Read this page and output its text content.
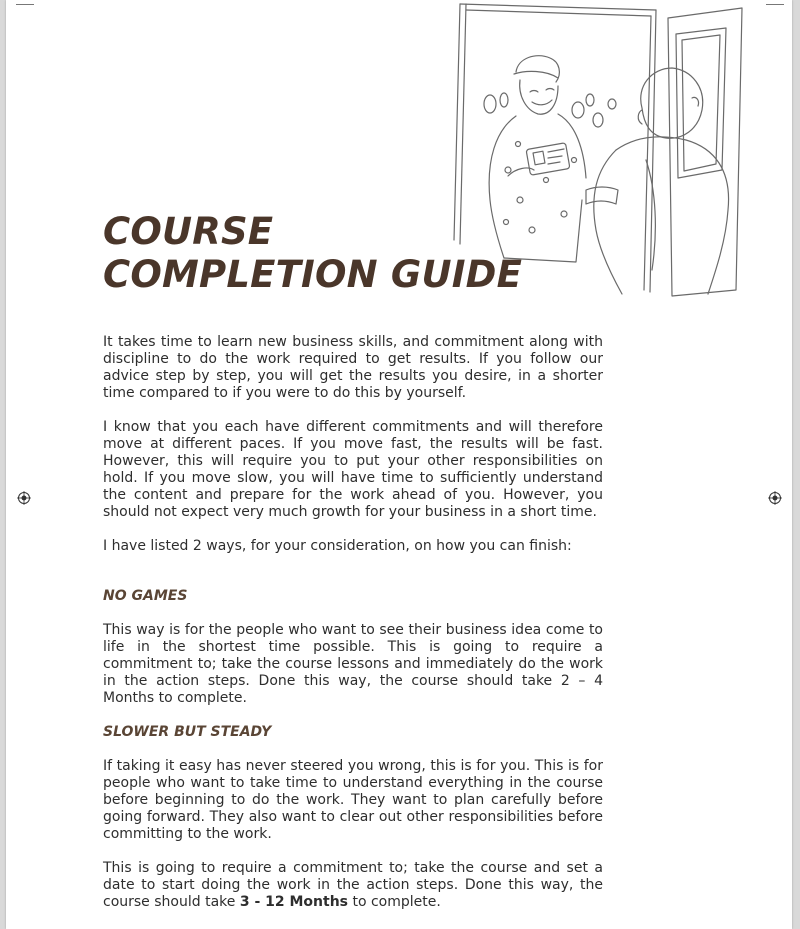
COURSE
COMPLETION GUIDE

It takes time to learn new business skills, and commitment along with discipline to do the work required to get results. If you follow our advice step by step, you will get the results you desire, in a shorter time compared to if you were to do this by yourself.

I know that you each have different commitments and will therefore move at different paces. If you move fast, the results will be fast. However, this will require you to put your other responsibilities on hold. If you move slow, you will have time to sufficiently understand the content and prepare for the work ahead of you. However, you should not expect very much growth for your business in a short time.

I have listed 2 ways, for your consideration, on how you can finish:

NO GAMES

This way is for the people who want to see their business idea come to life in the shortest time possible. This is going to require a commitment to; take the course lessons and immediately do the work in the action steps. Done this way, the course should take 2 – 4 Months to complete.

SLOWER BUT STEADY

If taking it easy has never steered you wrong, this is for you. This is for people who want to take time to understand everything in the course before beginning to do the work. They want to plan carefully before going forward. They also want to clear out other responsibilities before committing to the work.

This is going to require a commitment to; take the course and set a date to start doing the work in the action steps. Done this way, the course should take 3 - 12 Months to complete.
